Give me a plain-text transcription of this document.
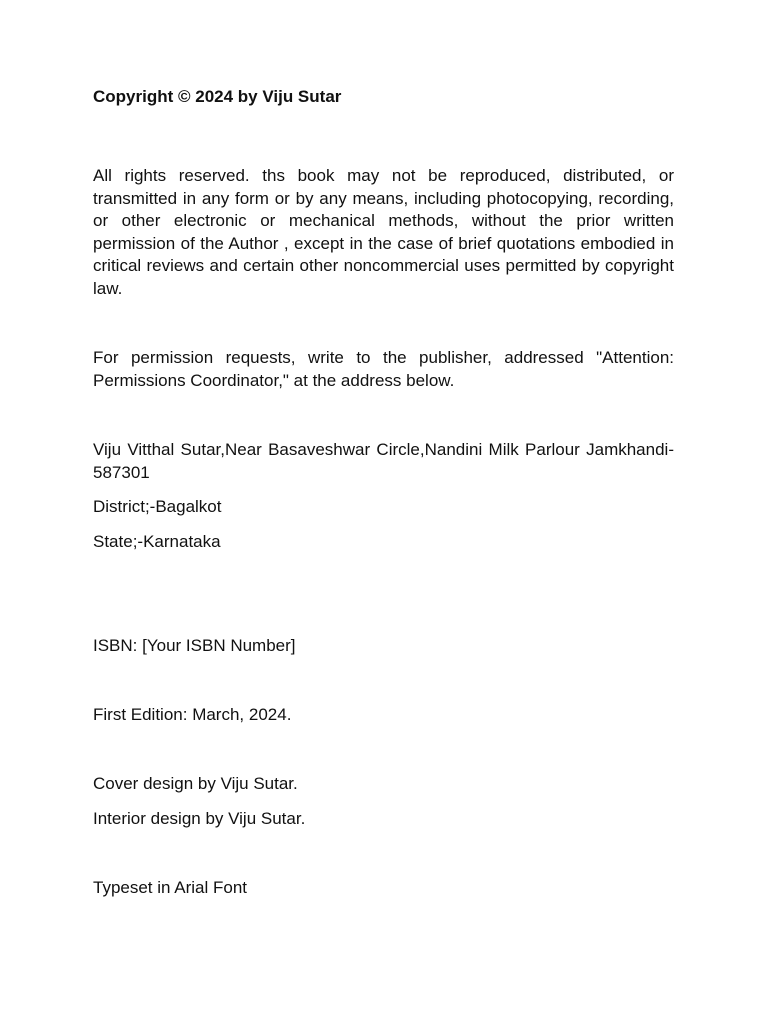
Copyright © 2024 by Viju Sutar

All rights reserved. ths book may not be reproduced, distributed, or transmitted in any form or by any means, including photocopying, recording, or other electronic or mechanical methods, without the prior written permission of the Author , except in the case of brief quotations embodied in critical reviews and certain other noncommercial uses permitted by copyright law.

For permission requests, write to the publisher, addressed "Attention: Permissions Coordinator," at the address below.

Viju Vitthal Sutar,Near Basaveshwar Circle,Nandini Milk Parlour Jamkhandi-587301

District;-Bagalkot

State;-Karnataka

ISBN: [Your ISBN Number]

First Edition: March, 2024.

Cover design by Viju Sutar.

Interior design by Viju Sutar.

Typeset in Arial Font
